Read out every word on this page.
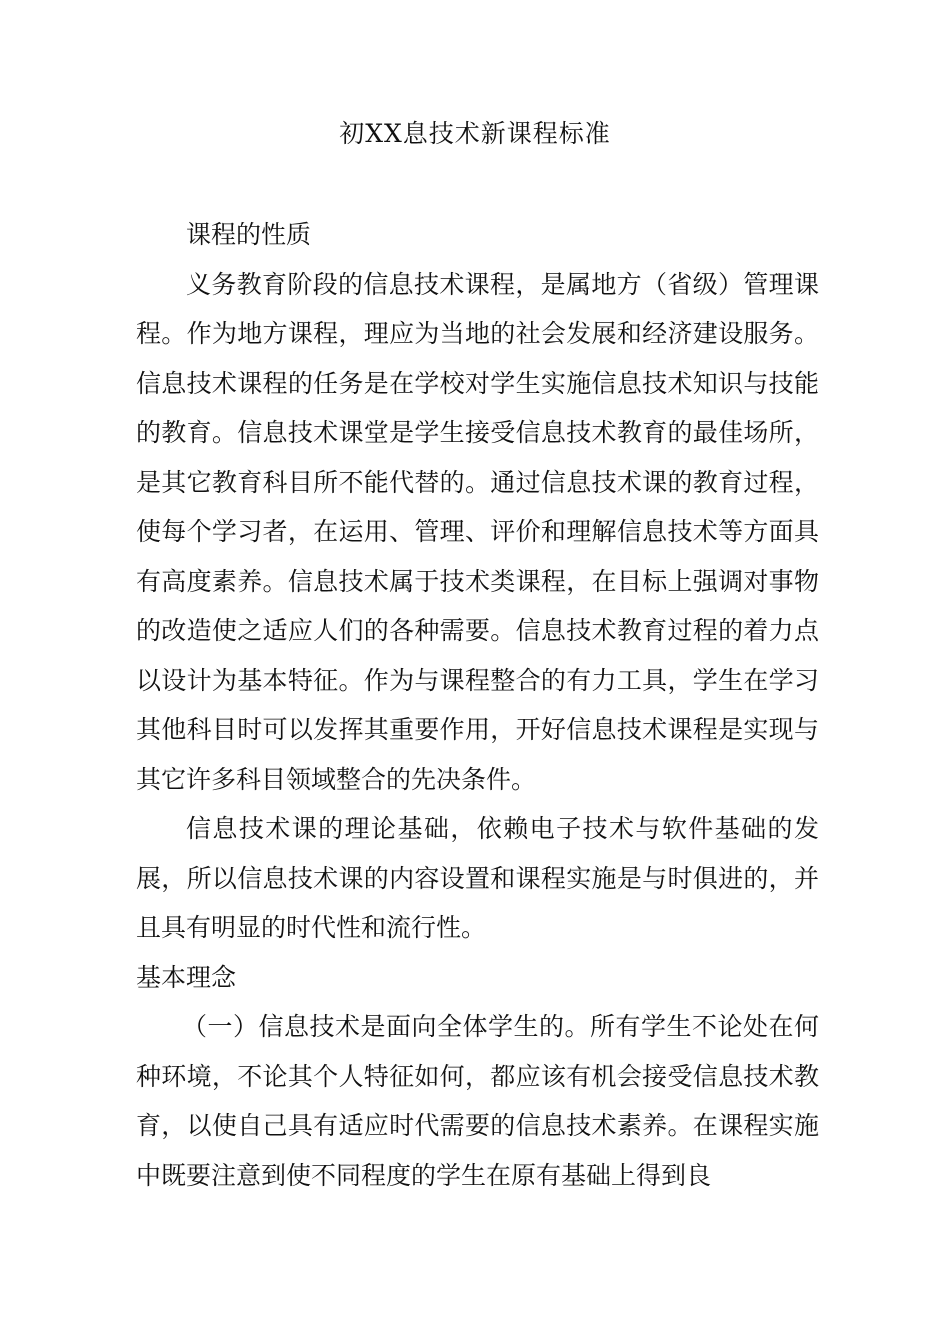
初XX息技术新课程标准

课程的性质

义务教育阶段的信息技术课程，是属地方（省级）管理课程。作为地方课程，理应为当地的社会发展和经济建设服务。信息技术课程的任务是在学校对学生实施信息技术知识与技能的教育。信息技术课堂是学生接受信息技术教育的最佳场所，是其它教育科目所不能代替的。通过信息技术课的教育过程，使每个学习者，在运用、管理、评价和理解信息技术等方面具有高度素养。信息技术属于技术类课程，在目标上强调对事物的改造使之适应人们的各种需要。信息技术教育过程的着力点以设计为基本特征。作为与课程整合的有力工具，学生在学习其他科目时可以发挥其重要作用，开好信息技术课程是实现与其它许多科目领域整合的先决条件。

信息技术课的理论基础，依赖电子技术与软件基础的发展，所以信息技术课的内容设置和课程实施是与时俱进的，并且具有明显的时代性和流行性。

基本理念

（一）信息技术是面向全体学生的。所有学生不论处在何种环境，不论其个人特征如何，都应该有机会接受信息技术教育，以使自己具有适应时代需要的信息技术素养。在课程实施中既要注意到使不同程度的学生在原有基础上得到良
